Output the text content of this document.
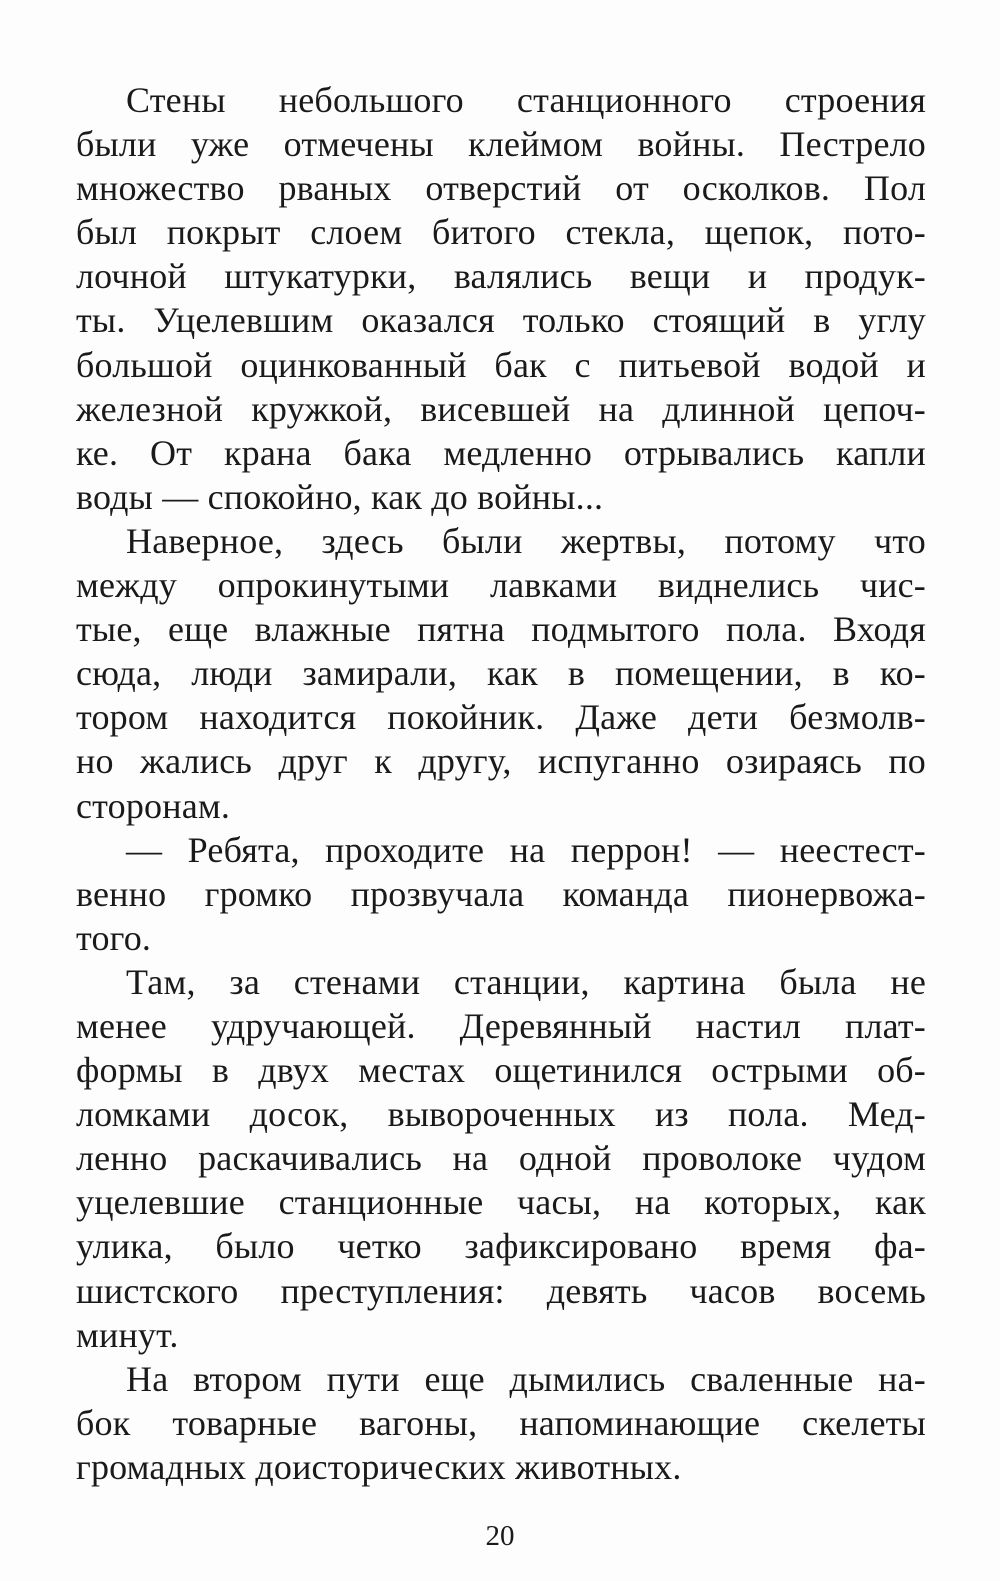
Стены небольшого станционного строения
были уже отмечены клеймом войны. Пестрело
множество рваных отверстий от осколков. Пол
был покрыт слоем битого стекла, щепок, пото-
лочной штукатурки, валялись вещи и продук-
ты. Уцелевшим оказался только стоящий в углу
большой оцинкованный бак с питьевой водой и
железной кружкой, висевшей на длинной цепоч-
ке. От крана бака медленно отрывались капли
воды — спокойно, как до войны...
Наверное, здесь были жертвы, потому что
между опрокинутыми лавками виднелись чис-
тые, еще влажные пятна подмытого пола. Входя
сюда, люди замирали, как в помещении, в ко-
тором находится покойник. Даже дети безмолв-
но жались друг к другу, испуганно озираясь по
сторонам.
— Ребята, проходите на перрон! — неестест-
венно громко прозвучала команда пионервожа-
того.
Там, за стенами станции, картина была не
менее удручающей. Деревянный настил плат-
формы в двух местах ощетинился острыми об-
ломками досок, вывороченных из пола. Мед-
ленно раскачивались на одной проволоке чудом
уцелевшие станционные часы, на которых, как
улика, было четко зафиксировано время фа-
шистского преступления: девять часов восемь
минут.
На втором пути еще дымились сваленные на-
бок товарные вагоны, напоминающие скелеты
громадных доисторических животных.
20
